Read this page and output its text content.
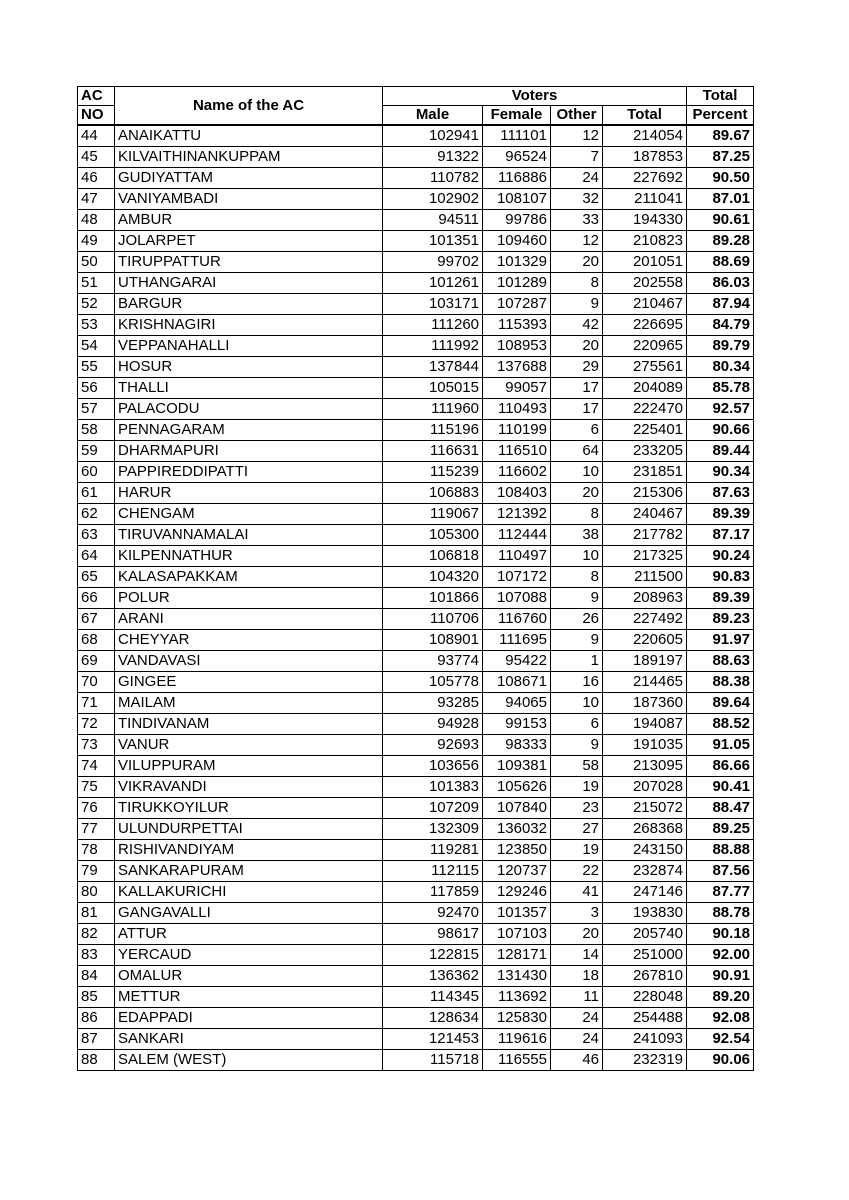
AC	Name of the AC	Voters				Total
NO		Male	Female	Other	Total	Percent
44	ANAIKATTU	102941	111101	12	214054	89.67
45	KILVAITHINANKUPPAM	91322	96524	7	187853	87.25
46	GUDIYATTAM	110782	116886	24	227692	90.50
47	VANIYAMBADI	102902	108107	32	211041	87.01
48	AMBUR	94511	99786	33	194330	90.61
49	JOLARPET	101351	109460	12	210823	89.28
50	TIRUPPATTUR	99702	101329	20	201051	88.69
51	UTHANGARAI	101261	101289	8	202558	86.03
52	BARGUR	103171	107287	9	210467	87.94
53	KRISHNAGIRI	111260	115393	42	226695	84.79
54	VEPPANAHALLI	111992	108953	20	220965	89.79
55	HOSUR	137844	137688	29	275561	80.34
56	THALLI	105015	99057	17	204089	85.78
57	PALACODU	111960	110493	17	222470	92.57
58	PENNAGARAM	115196	110199	6	225401	90.66
59	DHARMAPURI	116631	116510	64	233205	89.44
60	PAPPIREDDIPATTI	115239	116602	10	231851	90.34
61	HARUR	106883	108403	20	215306	87.63
62	CHENGAM	119067	121392	8	240467	89.39
63	TIRUVANNAMALAI	105300	112444	38	217782	87.17
64	KILPENNATHUR	106818	110497	10	217325	90.24
65	KALASAPAKKAM	104320	107172	8	211500	90.83
66	POLUR	101866	107088	9	208963	89.39
67	ARANI	110706	116760	26	227492	89.23
68	CHEYYAR	108901	111695	9	220605	91.97
69	VANDAVASI	93774	95422	1	189197	88.63
70	GINGEE	105778	108671	16	214465	88.38
71	MAILAM	93285	94065	10	187360	89.64
72	TINDIVANAM	94928	99153	6	194087	88.52
73	VANUR	92693	98333	9	191035	91.05
74	VILUPPURAM	103656	109381	58	213095	86.66
75	VIKRAVANDI	101383	105626	19	207028	90.41
76	TIRUKKOYILUR	107209	107840	23	215072	88.47
77	ULUNDURPETTAI	132309	136032	27	268368	89.25
78	RISHIVANDIYAM	119281	123850	19	243150	88.88
79	SANKARAPURAM	112115	120737	22	232874	87.56
80	KALLAKURICHI	117859	129246	41	247146	87.77
81	GANGAVALLI	92470	101357	3	193830	88.78
82	ATTUR	98617	107103	20	205740	90.18
83	YERCAUD	122815	128171	14	251000	92.00
84	OMALUR	136362	131430	18	267810	90.91
85	METTUR	114345	113692	11	228048	89.20
86	EDAPPADI	128634	125830	24	254488	92.08
87	SANKARI	121453	119616	24	241093	92.54
88	SALEM (WEST)	115718	116555	46	232319	90.06
